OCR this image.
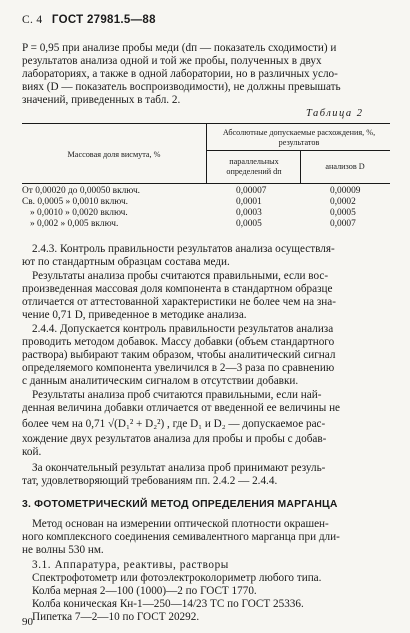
С. 4 ГОСТ 27981.5—88
P = 0,95 при анализе пробы меди (dп — показатель сходимости) и
результатов анализа одной и той же пробы, полученных в двух
лабораториях, а также в одной лаборатории, но в различных усло-
виях (D — показатель воспроизводимости), не должны превышать
значений, приведенных в табл. 2.
Таблица 2
Массовая доля висмута, %
Абсолютные допускаемые расхождения, %, результатов
параллельных определений dп	анализов D
От 0,00020 до 0,00050 включ.	0,00007	0,00009
Св. 0,0005 » 0,0010 включ.	0,0001	0,0002
» 0,0010 » 0,0020 включ.	0,0003	0,0005
» 0,002 » 0,005 включ.	0,0005	0,0007
2.4.3. Контроль правильности результатов анализа осуществля-
ют по стандартным образцам состава меди.
Результаты анализа пробы считаются правильными, если вос-
произведенная массовая доля компонента в стандартном образце
отличается от аттестованной характеристики не более чем на зна-
чение 0,71 D, приведенное в методике анализа.
2.4.4. Допускается контроль правильности результатов анализа
проводить методом добавок. Массу добавки (объем стандартного
раствора) выбирают таким образом, чтобы аналитический сигнал
определяемого компонента увеличился в 2—3 раза по сравнению
с данным аналитическим сигналом в отсутствии добавки.
Результаты анализа проб считаются правильными, если най-
денная величина добавки отличается от введенной ее величины не
более чем на 0,71 √(D₁² + D₂²) , где D₁ и D₂ — допускаемое рас-
хождение двух результатов анализа для пробы и пробы с добав-
кой.
За окончательный результат анализа проб принимают резуль-
тат, удовлетворяющий требованиям пп. 2.4.2 — 2.4.4.
3. ФОТОМЕТРИЧЕСКИЙ МЕТОД ОПРЕДЕЛЕНИЯ МАРГАНЦА
Метод основан на измерении оптической плотности окрашен-
ного комплексного соединения семивалентного марганца при дли-
не волны 530 нм.
3.1. Аппаратура, реактивы, растворы
Спектрофотометр или фотоэлектроколориметр любого типа.
Колба мерная 2—100 (1000)—2 по ГОСТ 1770.
Колба коническая Кн-1—250—14/23 ТС по ГОСТ 25336.
Пипетка 7—2—10 по ГОСТ 20292.
90
